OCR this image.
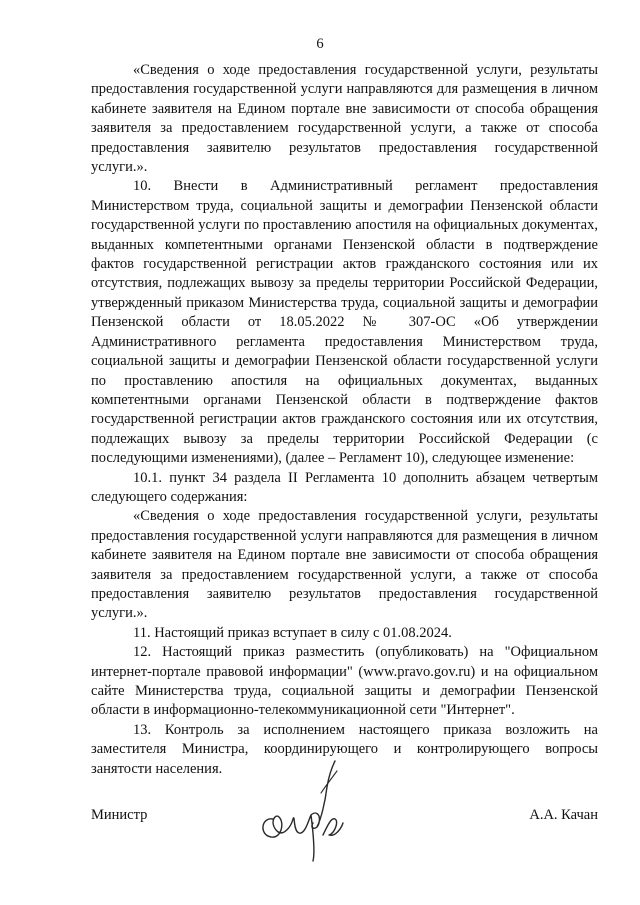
6

«Сведения о ходе предоставления государственной услуги, результаты предоставления государственной услуги направляются для размещения в личном кабинете заявителя на Едином портале вне зависимости от способа обращения заявителя за предоставлением государственной услуги, а также от способа предоставления заявителю результатов предоставления государственной услуги.».

10. Внести в Административный регламент предоставления Министерством труда, социальной защиты и демографии Пензенской области государственной услуги по проставлению апостиля на официальных документах, выданных компетентными органами Пензенской области в подтверждение фактов государственной регистрации актов гражданского состояния или их отсутствия, подлежащих вывозу за пределы территории Российской Федерации, утвержденный приказом Министерства труда, социальной защиты и демографии Пензенской области от 18.05.2022 № 307-ОС «Об утверждении Административного регламента предоставления Министерством труда, социальной защиты и демографии Пензенской области государственной услуги по проставлению апостиля на официальных документах, выданных компетентными органами Пензенской области в подтверждение фактов государственной регистрации актов гражданского состояния или их отсутствия, подлежащих вывозу за пределы территории Российской Федерации (с последующими изменениями), (далее – Регламент 10), следующее изменение:

10.1. пункт 34 раздела II Регламента 10 дополнить абзацем четвертым следующего содержания:

«Сведения о ходе предоставления государственной услуги, результаты предоставления государственной услуги направляются для размещения в личном кабинете заявителя на Едином портале вне зависимости от способа обращения заявителя за предоставлением государственной услуги, а также от способа предоставления заявителю результатов предоставления государственной услуги.».

11. Настоящий приказ вступает в силу с 01.08.2024.

12. Настоящий приказ разместить (опубликовать) на "Официальном интернет-портале правовой информации" (www.pravo.gov.ru) и на официальном сайте Министерства труда, социальной защиты и демографии Пензенской области в информационно-телекоммуникационной сети "Интернет".

13. Контроль за исполнением настоящего приказа возложить на заместителя Министра, координирующего и контролирующего вопросы занятости населения.

Министр	А.А. Качан
